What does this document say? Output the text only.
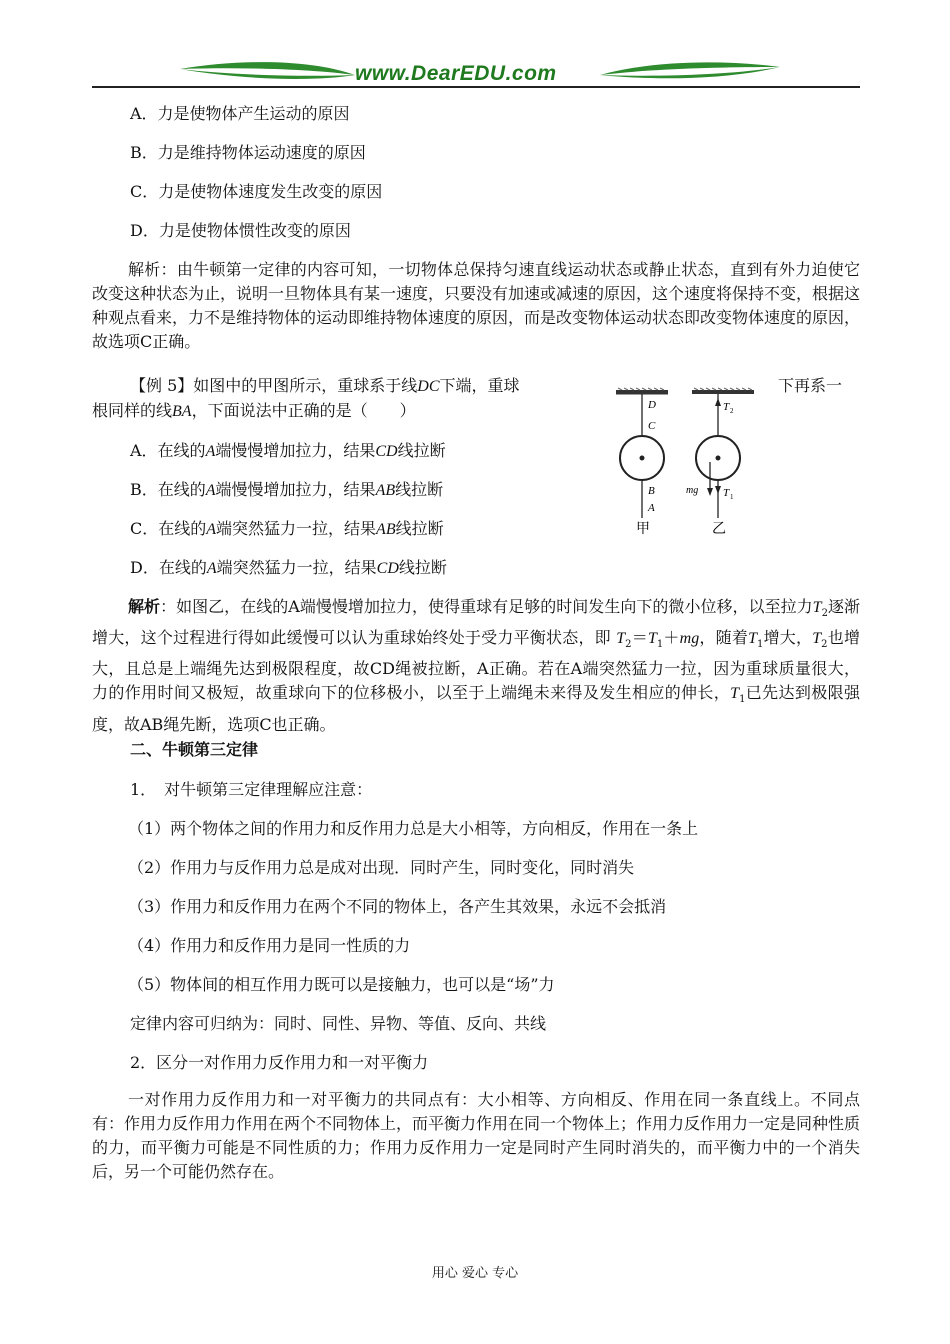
www.DearEDU.com
A．力是使物体产生运动的原因
B．力是维持物体运动速度的原因
C．力是使物体速度发生改变的原因
D．力是使物体惯性改变的原因
解析：由牛顿第一定律的内容可知，一切物体总保持匀速直线运动状态或静止状态，直到有外力迫使它改变这种状态为止，说明一旦物体具有某一速度，只要没有加速或减速的原因，这个速度将保持不变，根据这种观点看来，力不是维持物体的运动即维持物体速度的原因，而是改变物体运动状态即改变物体速度的原因，故选项C正确。
【例 5】如图中的甲图所示，重球系于线DC下端，重球	下再系一
根同样的线BA，下面说法中正确的是（　　）
A．在线的A端慢慢增加拉力，结果CD线拉断
B．在线的A端慢慢增加拉力，结果AB线拉断
C．在线的A端突然猛力一拉，结果AB线拉断
D．在线的A端突然猛力一拉，结果CD线拉断
D
C
B
A
T 2
T 1
mg
甲	乙
解析：如图乙，在线的A端慢慢增加拉力，使得重球有足够的时间发生向下的微小位移，以至拉力$T_2$逐渐增大，这个过程进行得如此缓慢可以认为重球始终处于受力平衡状态，即 $T_2=T_1+mg$，随着$T_1$增大，$T_2$也增大，且总是上端绳先达到极限程度，故CD绳被拉断，A正确。若在A端突然猛力一拉，因为重球质量很大，力的作用时间又极短，故重球向下的位移极小，以至于上端绳未来得及发生相应的伸长，$T_1$已先达到极限强度，故AB绳先断，选项C也正确。
二、牛顿第三定律
1．　对牛顿第三定律理解应注意：
（1）两个物体之间的作用力和反作用力总是大小相等，方向相反，作用在一条上
（2）作用力与反作用力总是成对出现．同时产生，同时变化，同时消失
（3）作用力和反作用力在两个不同的物体上，各产生其效果，永远不会抵消
（4）作用力和反作用力是同一性质的力
（5）物体间的相互作用力既可以是接触力，也可以是“场”力
定律内容可归纳为：同时、同性、异物、等值、反向、共线
2．区分一对作用力反作用力和一对平衡力
一对作用力反作用力和一对平衡力的共同点有：大小相等、方向相反、作用在同一条直线上。不同点有：作用力反作用力作用在两个不同物体上，而平衡力作用在同一个物体上；作用力反作用力一定是同种性质的力，而平衡力可能是不同性质的力；作用力反作用力一定是同时产生同时消失的，而平衡力中的一个消失后，另一个可能仍然存在。
用心 爱心 专心
